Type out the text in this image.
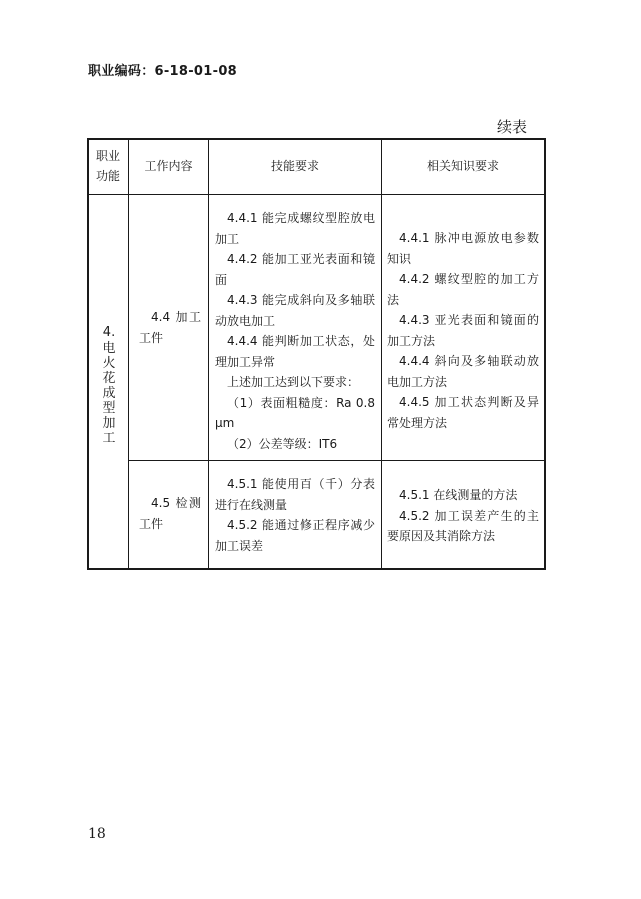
职业编码：6-18-01-08
续表
职业功能
工作内容	技能要求	相关知识要求
4.
电
火
花
成
型
加
工

4.4 加工工件

4.4.1 能完成螺纹型腔放电加工

4.4.2 能加工亚光表面和镜面

4.4.3 能完成斜向及多轴联动放电加工

4.4.4 能判断加工状态，处理加工异常

上述加工达到以下要求：

（1）表面粗糙度：Ra 0.8 μm

（2）公差等级：IT6

4.4.1 脉冲电源放电参数知识

4.4.2 螺纹型腔的加工方法

4.4.3 亚光表面和镜面的加工方法

4.4.4 斜向及多轴联动放电加工方法

4.4.5 加工状态判断及异常处理方法

4.5 检测工件

4.5.1 能使用百（千）分表进行在线测量

4.5.2 能通过修正程序减少加工误差

4.5.1 在线测量的方法

4.5.2 加工误差产生的主要原因及其消除方法

18
